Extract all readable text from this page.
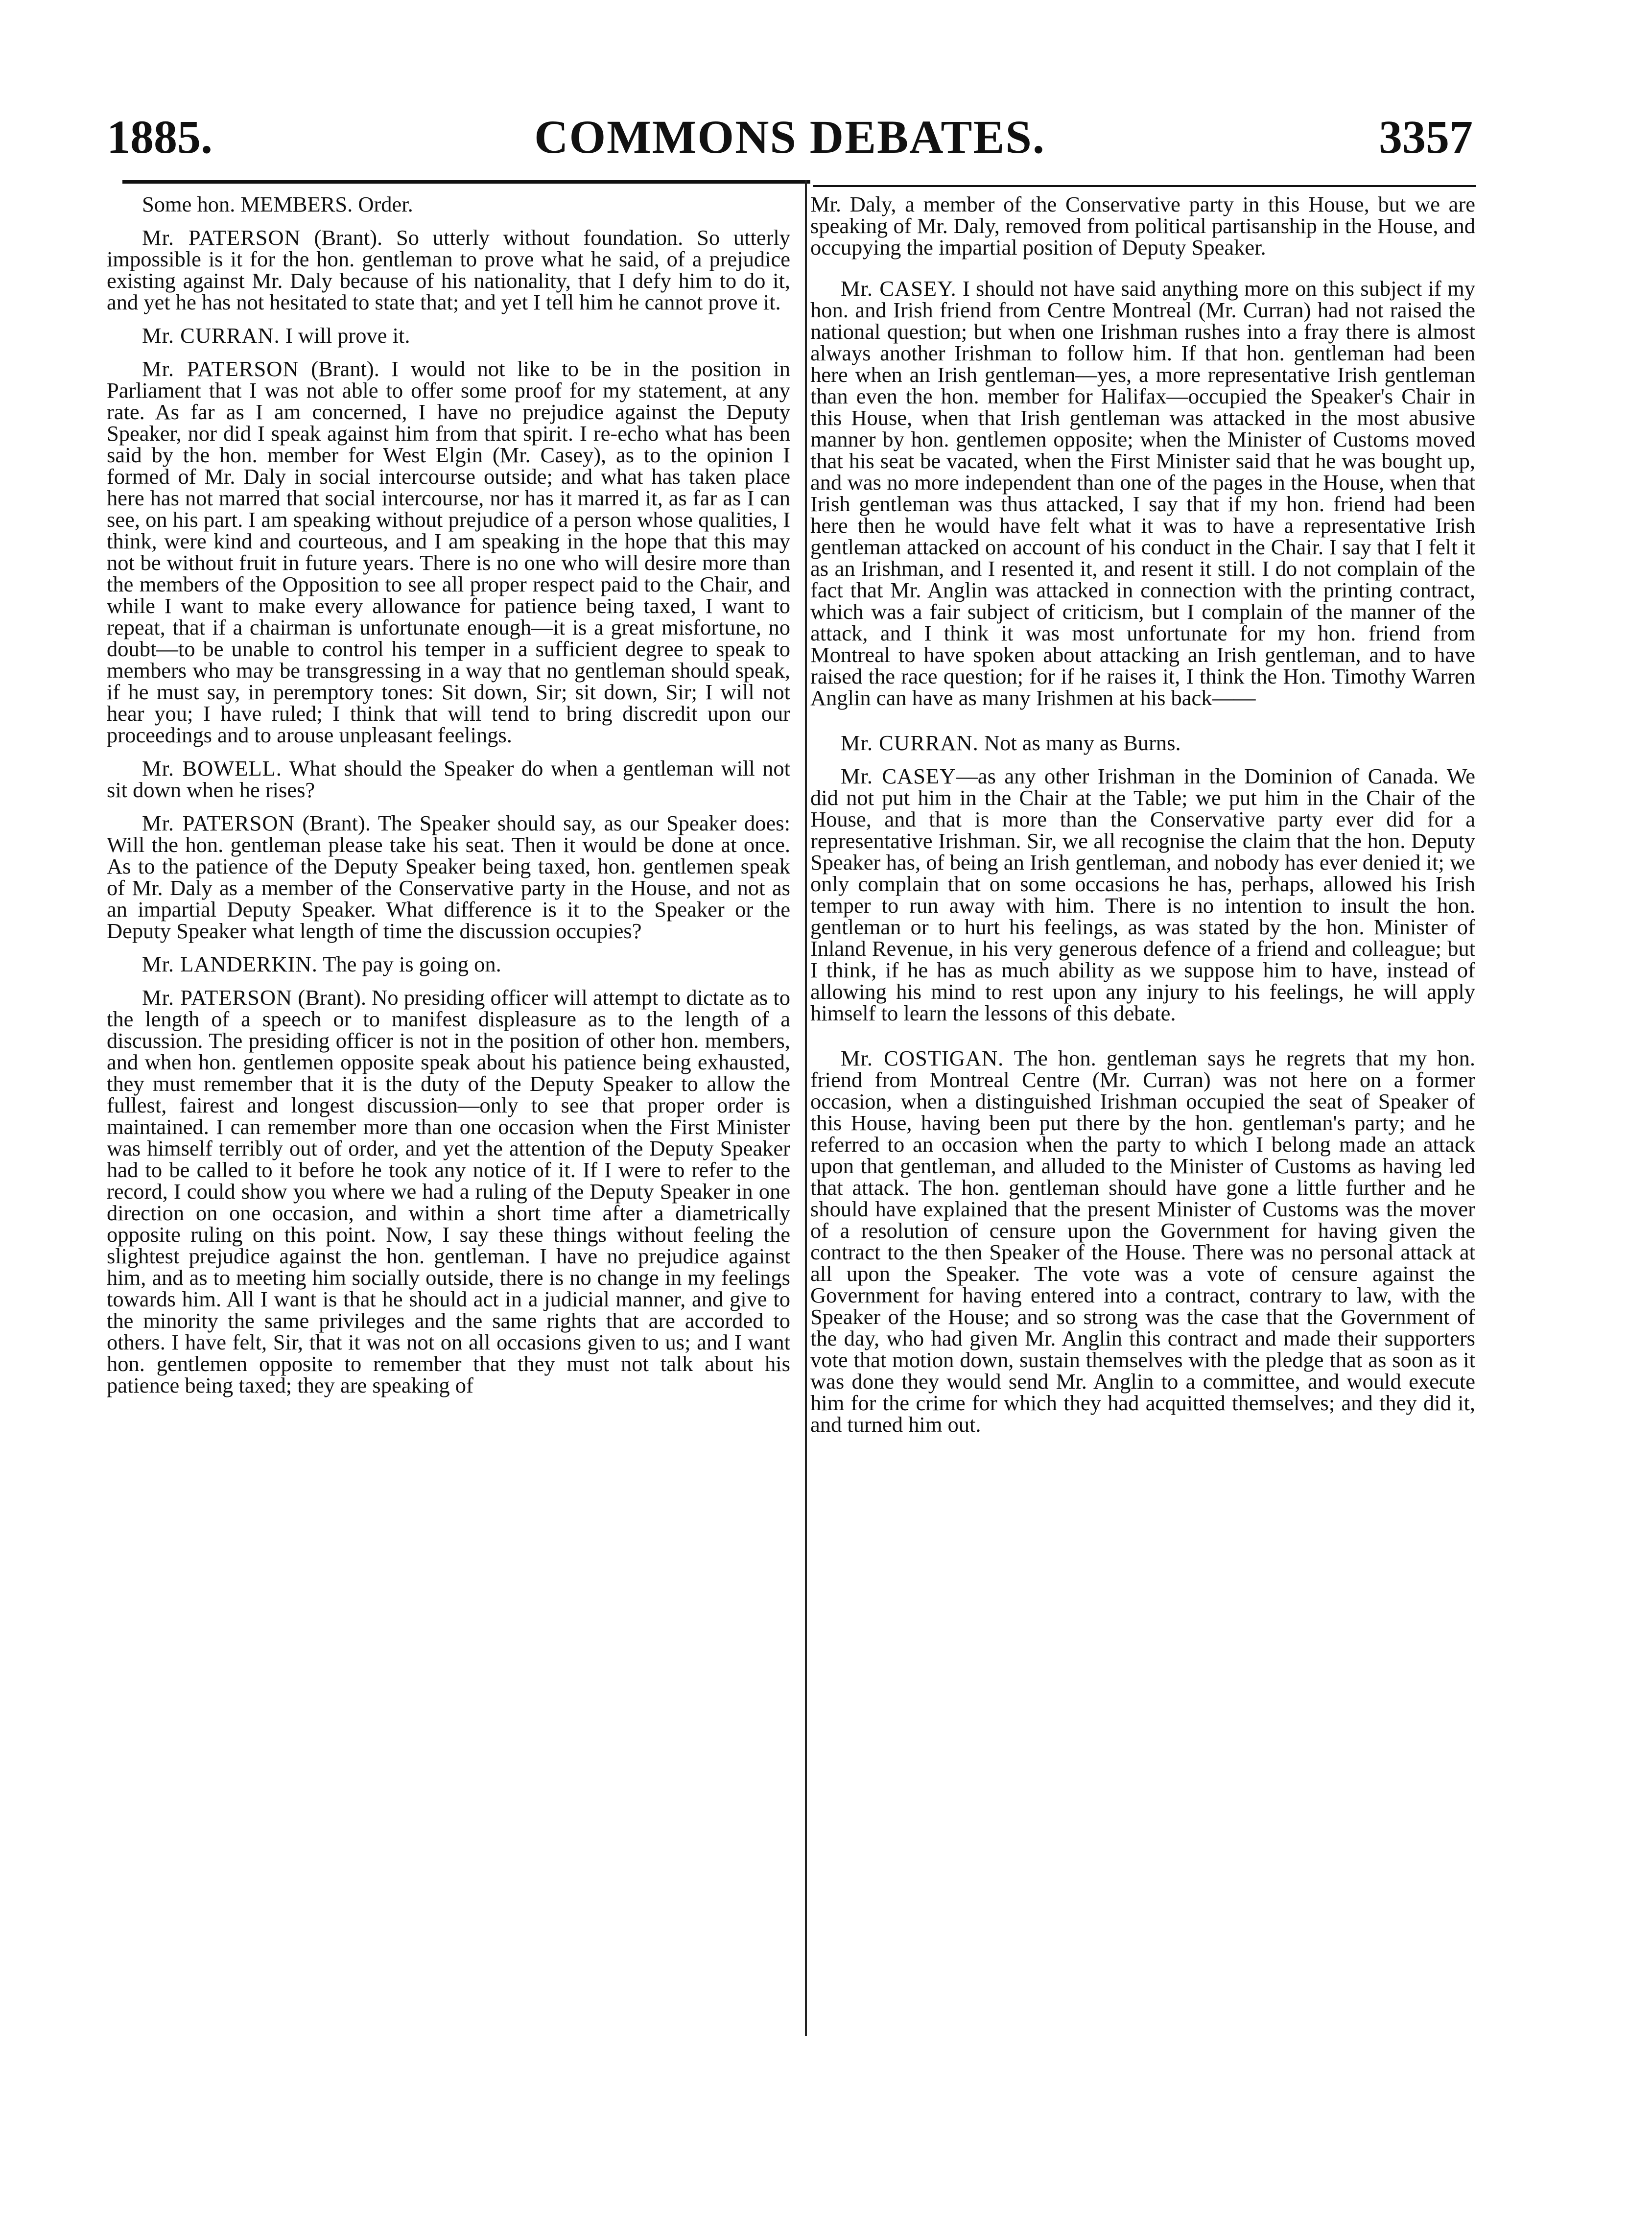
1885.	COMMONS DEBATES.	3357

Some hon. MEMBERS. Order.

Mr. PATERSON (Brant). So utterly without foundation. So utterly impossible is it for the hon. gentleman to prove what he said, of a prejudice existing against Mr. Daly because of his nationality, that I defy him to do it, and yet he has not hesitated to state that; and yet I tell him he cannot prove it.

Mr. CURRAN. I will prove it.

Mr. PATERSON (Brant). I would not like to be in the position in Parliament that I was not able to offer some proof for my statement, at any rate. As far as I am concerned, I have no prejudice against the Deputy Speaker, nor did I speak against him from that spirit. I re-echo what has been said by the hon. member for West Elgin (Mr. Casey), as to the opinion I formed of Mr. Daly in social intercourse outside; and what has taken place here has not marred that social intercourse, nor has it marred it, as far as I can see, on his part. I am speaking without prejudice of a person whose qualities, I think, were kind and courteous, and I am speaking in the hope that this may not be without fruit in future years. There is no one who will desire more than the members of the Opposition to see all proper respect paid to the Chair, and while I want to make every allowance for patience being taxed, I want to repeat, that if a chairman is unfortunate enough—it is a great misfortune, no doubt—to be unable to control his temper in a sufficient degree to speak to members who may be transgressing in a way that no gentleman should speak, if he must say, in peremptory tones: Sit down, Sir; sit down, Sir; I will not hear you; I have ruled; I think that will tend to bring discredit upon our proceedings and to arouse unpleasant feelings.

Mr. BOWELL. What should the Speaker do when a gentleman will not sit down when he rises?

Mr. PATERSON (Brant). The Speaker should say, as our Speaker does: Will the hon. gentleman please take his seat. Then it would be done at once. As to the patience of the Deputy Speaker being taxed, hon. gentlemen speak of Mr. Daly as a member of the Conservative party in the House, and not as an impartial Deputy Speaker. What difference is it to the Speaker or the Deputy Speaker what length of time the discussion occupies?

Mr. LANDERKIN. The pay is going on.

Mr. PATERSON (Brant). No presiding officer will attempt to dictate as to the length of a speech or to manifest displeasure as to the length of a discussion. The presiding officer is not in the position of other hon. members, and when hon. gentlemen opposite speak about his patience being exhausted, they must remember that it is the duty of the Deputy Speaker to allow the fullest, fairest and longest discussion—only to see that proper order is maintained. I can remember more than one occasion when the First Minister was himself terribly out of order, and yet the attention of the Deputy Speaker had to be called to it before he took any notice of it. If I were to refer to the record, I could show you where we had a ruling of the Deputy Speaker in one direction on one occasion, and within a short time after a diametrically opposite ruling on this point. Now, I say these things without feeling the slightest prejudice against the hon. gentleman. I have no prejudice against him, and as to meeting him socially outside, there is no change in my feelings towards him. All I want is that he should act in a judicial manner, and give to the minority the same privileges and the same rights that are accorded to others. I have felt, Sir, that it was not on all occasions given to us; and I want hon. gentlemen opposite to remember that they must not talk about his patience being taxed; they are speaking of

Mr. Daly, a member of the Conservative party in this House, but we are speaking of Mr. Daly, removed from political partisanship in the House, and occupying the impartial position of Deputy Speaker.

Mr. CASEY. I should not have said anything more on this subject if my hon. and Irish friend from Centre Montreal (Mr. Curran) had not raised the national question; but when one Irishman rushes into a fray there is almost always another Irishman to follow him. If that hon. gentleman had been here when an Irish gentleman—yes, a more representative Irish gentleman than even the hon. member for Halifax—occupied the Speaker's Chair in this House, when that Irish gentleman was attacked in the most abusive manner by hon. gentlemen opposite; when the Minister of Customs moved that his seat be vacated, when the First Minister said that he was bought up, and was no more independent than one of the pages in the House, when that Irish gentleman was thus attacked, I say that if my hon. friend had been here then he would have felt what it was to have a representative Irish gentleman attacked on account of his conduct in the Chair. I say that I felt it as an Irishman, and I resented it, and resent it still. I do not complain of the fact that Mr. Anglin was attacked in connection with the printing contract, which was a fair subject of criticism, but I complain of the manner of the attack, and I think it was most unfortunate for my hon. friend from Montreal to have spoken about attacking an Irish gentleman, and to have raised the race question; for if he raises it, I think the Hon. Timothy Warren Anglin can have as many Irishmen at his back——

Mr. CURRAN. Not as many as Burns.

Mr. CASEY—as any other Irishman in the Dominion of Canada. We did not put him in the Chair at the Table; we put him in the Chair of the House, and that is more than the Conservative party ever did for a representative Irishman. Sir, we all recognise the claim that the hon. Deputy Speaker has, of being an Irish gentleman, and nobody has ever denied it; we only complain that on some occasions he has, perhaps, allowed his Irish temper to run away with him. There is no intention to insult the hon. gentleman or to hurt his feelings, as was stated by the hon. Minister of Inland Revenue, in his very generous defence of a friend and colleague; but I think, if he has as much ability as we suppose him to have, instead of allowing his mind to rest upon any injury to his feelings, he will apply himself to learn the lessons of this debate.

Mr. COSTIGAN. The hon. gentleman says he regrets that my hon. friend from Montreal Centre (Mr. Curran) was not here on a former occasion, when a distinguished Irishman occupied the seat of Speaker of this House, having been put there by the hon. gentleman's party; and he referred to an occasion when the party to which I belong made an attack upon that gentleman, and alluded to the Minister of Customs as having led that attack. The hon. gentleman should have gone a little further and he should have explained that the present Minister of Customs was the mover of a resolution of censure upon the Government for having given the contract to the then Speaker of the House. There was no personal attack at all upon the Speaker. The vote was a vote of censure against the Government for having entered into a contract, contrary to law, with the Speaker of the House; and so strong was the case that the Government of the day, who had given Mr. Anglin this contract and made their supporters vote that motion down, sustain themselves with the pledge that as soon as it was done they would send Mr. Anglin to a committee, and would execute him for the crime for which they had acquitted themselves; and they did it, and turned him out.
